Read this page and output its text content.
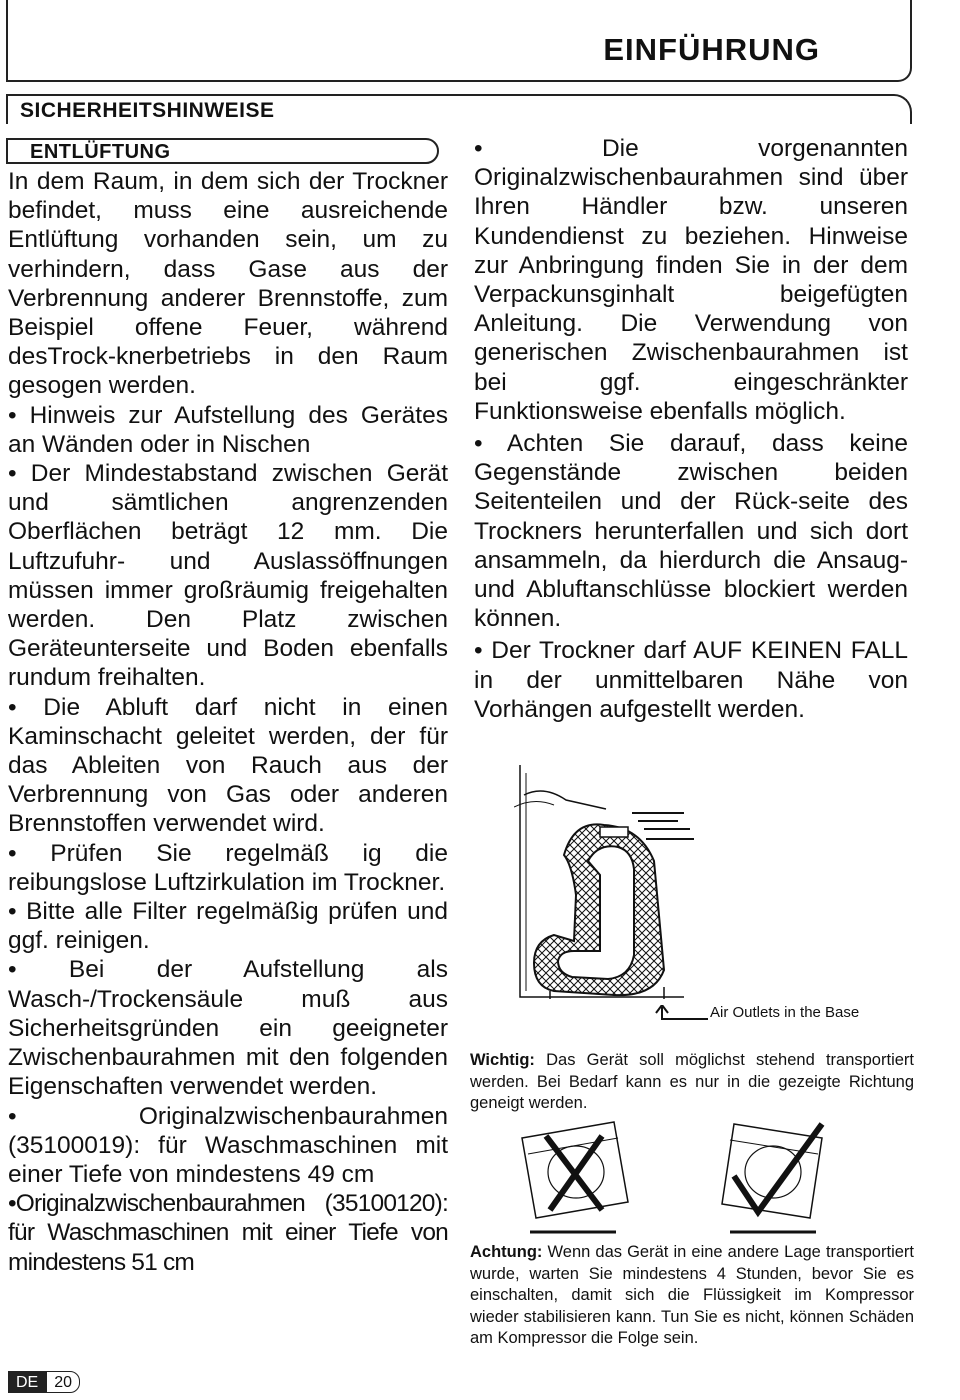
EINFÜHRUNG
SICHERHEITSHINWEISE
ENTLÜFTUNG

In dem Raum, in dem sich der Trockner befindet, muss eine ausreichende Entlüftung vorhanden sein, um zu verhindern, dass Gase aus der Verbrennung anderer Brennstoffe, zum Beispiel offene Feuer, während desTrock-knerbetriebs in den Raum gesogen werden.

• Hinweis zur Aufstellung des Gerätes an Wänden oder in Nischen

• Der Mindestabstand zwischen Gerät und sämtlichen angrenzenden Oberflächen beträgt 12 mm. Die Luftzufuhr- und Auslassöffnungen müssen immer großräumig freigehalten werden. Den Platz zwischen Geräteunterseite und Boden ebenfalls rundum freihalten.

• Die Abluft darf nicht in einen Kaminschacht geleitet werden, der für das Ableiten von Rauch aus der Verbrennung von Gas oder anderen Brennstoffen verwendet wird.

• Prüfen Sie regelmäß ig die reibungslose Luftzirkulation im Trockner.

• Bitte alle Filter regelmäßig prüfen und ggf. reinigen.

• Bei der Aufstellung als Wasch-/Trockensäule muß aus Sicherheitsgründen ein geeigneter Zwischenbaurahmen mit den folgenden Eigenschaften verwendet werden.

• Originalzwischenbaurahmen (35100019): für Waschmaschinen mit einer Tiefe von mindestens 49 cm

•Originalzwischenbaurahmen (35100120): für Waschmaschinen mit einer Tiefe von mindestens 51 cm

• Die vorgenannten Originalzwischenbaurahmen sind über Ihren Händler bzw. unseren Kundendienst zu beziehen. Hinweise zur Anbringung finden Sie in der dem Verpackunsginhalt beigefügten Anleitung. Die Verwendung von generischen Zwischenbaurahmen ist bei ggf. eingeschränkter Funktionsweise ebenfalls möglich.

• Achten Sie darauf, dass keine Gegenstände zwischen beiden Seitenteilen und der Rück-seite des Trockners herunterfallen und sich dort ansammeln, da hierdurch die Ansaug- und Abluftanschlüsse blockiert werden können.

• Der Trockner darf AUF KEINEN FALL in der unmittelbaren Nähe von Vorhängen aufgestellt werden.

Air Outlets in the Base
Wichtig: Das Gerät soll möglichst stehend transportiert werden. Bei Bedarf kann es nur in die gezeigte Richtung geneigt werden.
Achtung: Wenn das Gerät in eine andere Lage transportiert wurde, warten Sie mindestens 4 Stunden, bevor Sie es einschalten, damit sich die Flüssigkeit im Kompressor wieder stabilisieren kann. Tun Sie es nicht, können Schäden am Kompressor die Folge sein.
DE	20
